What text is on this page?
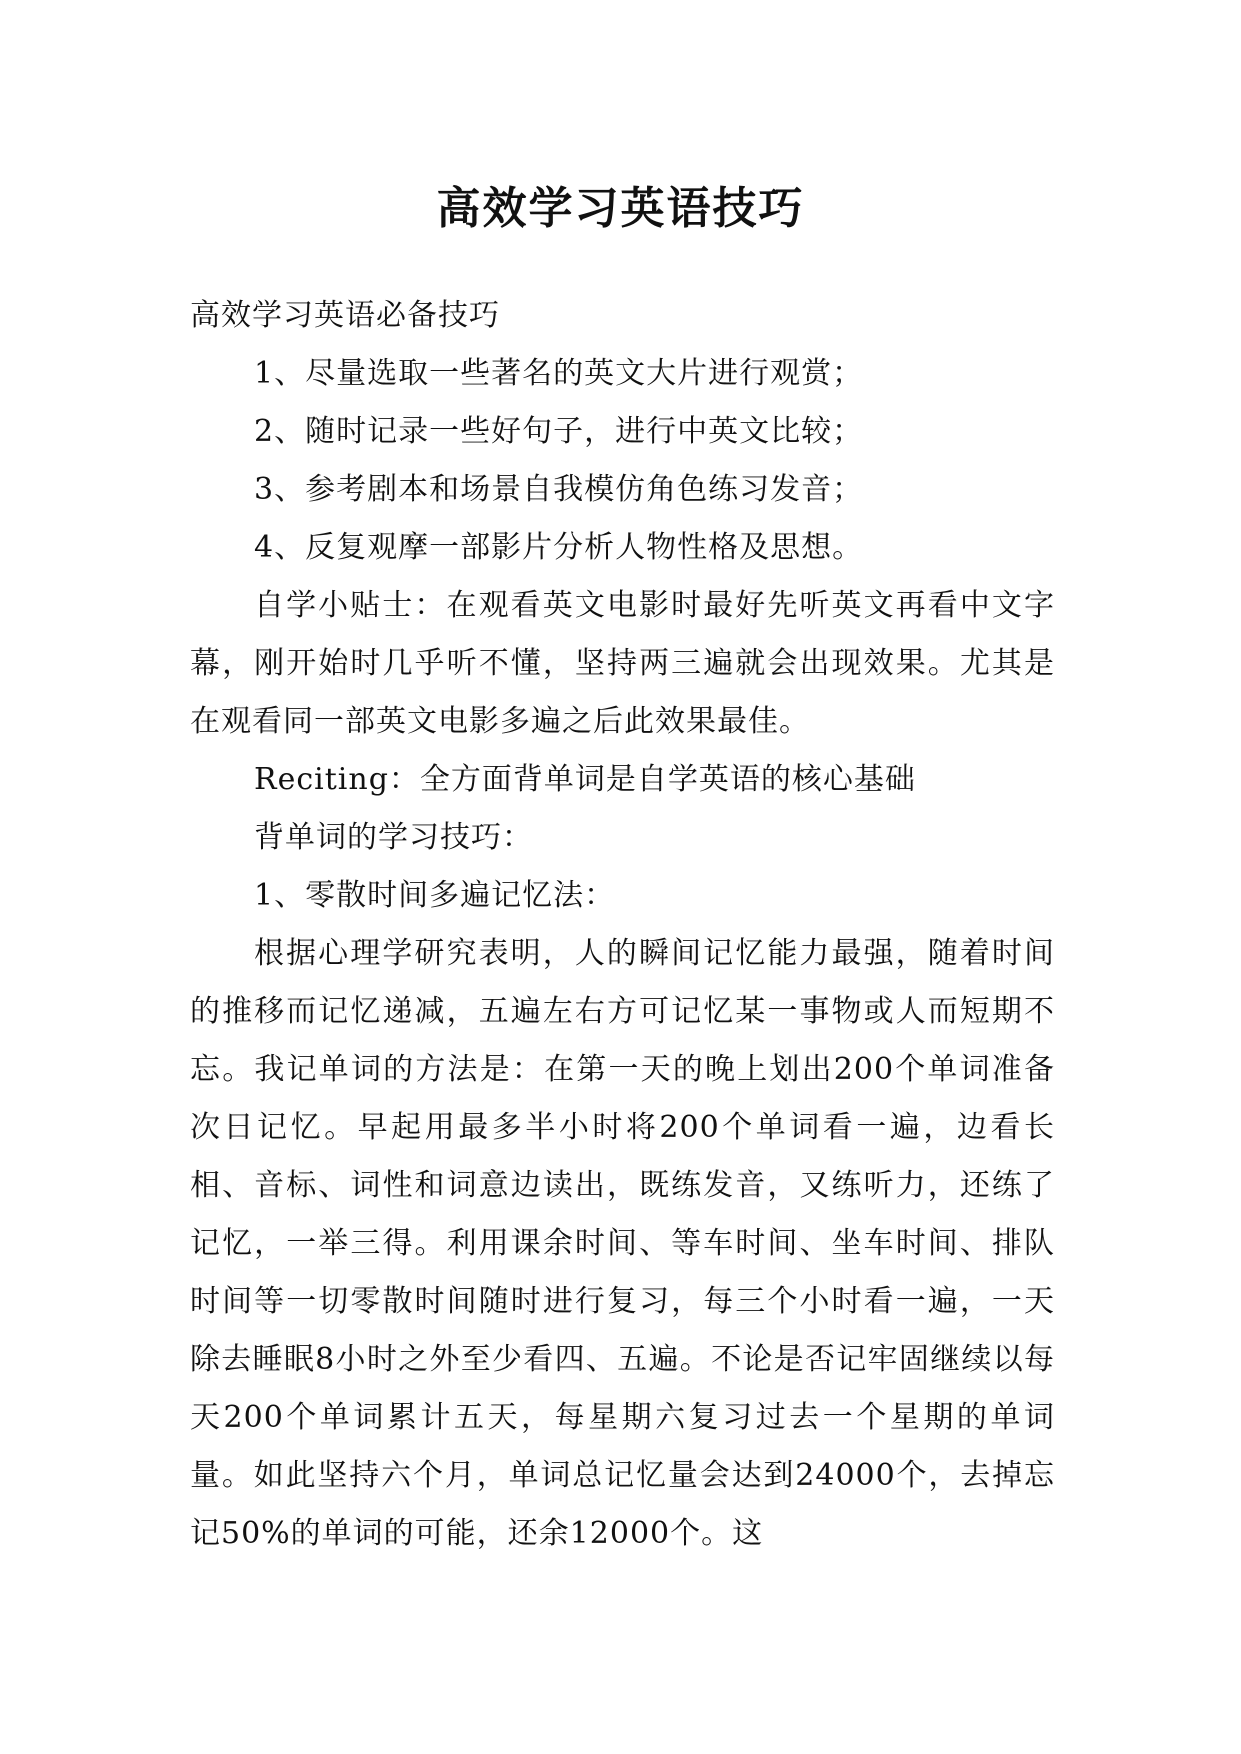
高效学习英语技巧

高效学习英语必备技巧

1、尽量选取一些著名的英文大片进行观赏；

2、随时记录一些好句子，进行中英文比较；

3、参考剧本和场景自我模仿角色练习发音；

4、反复观摩一部影片分析人物性格及思想。

自学小贴士：在观看英文电影时最好先听英文再看中文字幕，刚开始时几乎听不懂，坚持两三遍就会出现效果。尤其是在观看同一部英文电影多遍之后此效果最佳。

Reciting：全方面背单词是自学英语的核心基础

背单词的学习技巧：

1、零散时间多遍记忆法：

根据心理学研究表明，人的瞬间记忆能力最强，随着时间的推移而记忆递减，五遍左右方可记忆某一事物或人而短期不忘。我记单词的方法是：在第一天的晚上划出200个单词准备次日记忆。早起用最多半小时将200个单词看一遍，边看长相、音标、词性和词意边读出，既练发音，又练听力，还练了记忆，一举三得。利用课余时间、等车时间、坐车时间、排队时间等一切零散时间随时进行复习，每三个小时看一遍，一天除去睡眠8小时之外至少看四、五遍。不论是否记牢固继续以每天200个单词累计五天，每星期六复习过去一个星期的单词量。如此坚持六个月，单词总记忆量会达到24000个，去掉忘记50%的单词的可能，还余12000个。这
